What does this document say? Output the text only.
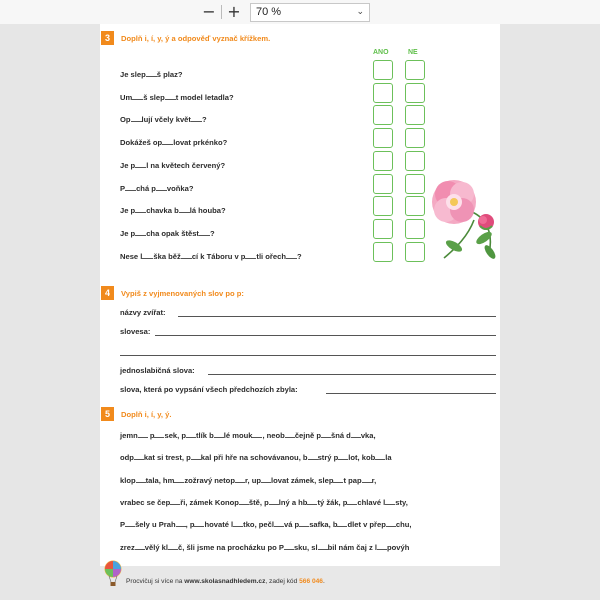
− +	70 %	⌄
3	Doplň i, í, y, ý a odpověď vyznač křížkem.
ANO	NE
Je slep š plaz?
Um š slep t model letadla?
Op lují včely květ ?
Dokážeš op lovat prkénko?
Je p l na květech červený?
P chá p voňka?
Je p chavka b lá houba?
Je p cha opak štěst ?
Nese l ška běž cí k Táboru v p tli ořech ?
4	Vypiš z vyjmenovaných slov po p:
názvy zvířat:
slovesa:
jednoslabičná slova:
slova, která po vypsání všech předchozích zbyla:
5	Doplň i, í, y, ý.
jemn p sek, p tlík b lé mouk , neob čejně p šná d vka,
odp kat si trest, p kal při hře na schovávanou, b strý p lot, kob la
klop tala, hm zožravý netop r, up lovat zámek, slep t pap r,
vrabec se čep ři, zámek Konop ště, p lný a hb tý žák, p chlavé l sty,
P šely u Prah , p hovaté l tko, pečl vá p safka, b dlet v přep chu,
zrez vělý kl č, šli jsme na procházku po P sku, sl bil nám čaj z l povýh
Procvičuj si více na www.skolasnadhledem.cz, zadej kód 566 046.
